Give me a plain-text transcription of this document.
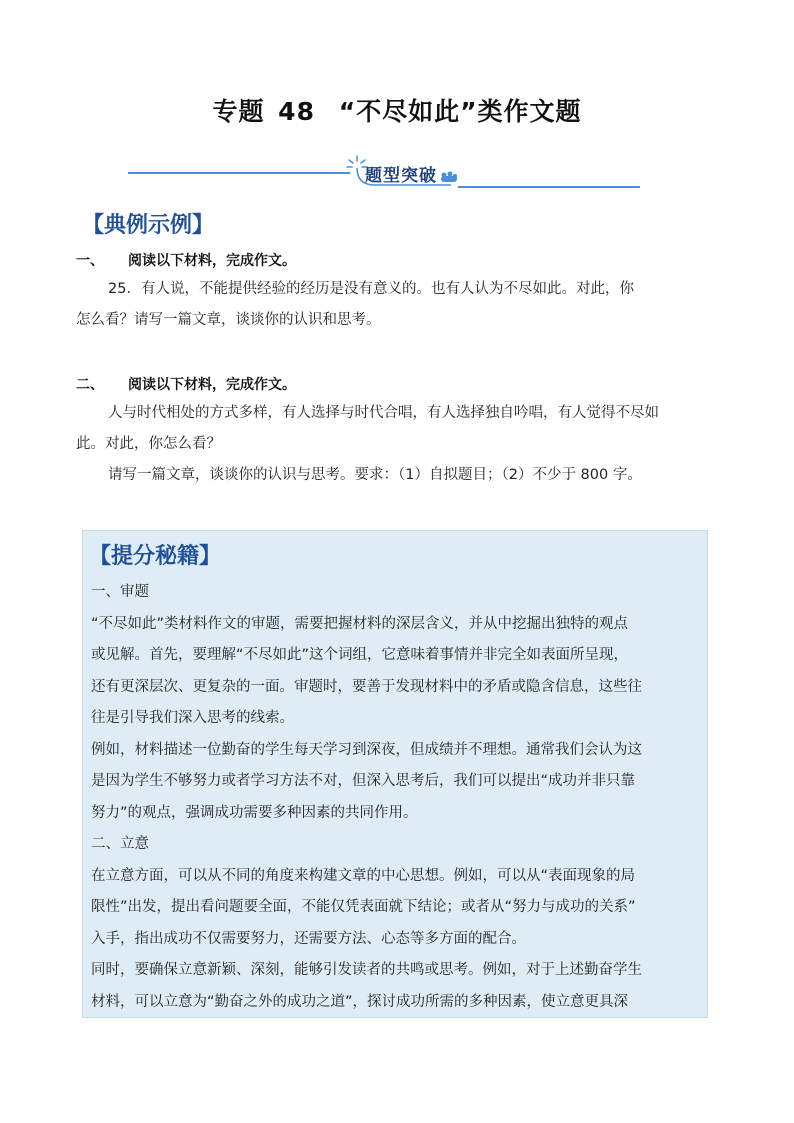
专题 48 “不尽如此”类作文题
题型突破
【典例示例】
一、 阅读以下材料，完成作文。
25．有人说，不能提供经验的经历是没有意义的。也有人认为不尽如此。对此，你
怎么看？请写一篇文章，谈谈你的认识和思考。
二、 阅读以下材料，完成作文。
人与时代相处的方式多样，有人选择与时代合唱，有人选择独自吟唱，有人觉得不尽如
此。对此，你怎么看？
请写一篇文章，谈谈你的认识与思考。要求：（1）自拟题目；（2）不少于 800 字。
【提分秘籍】
一、审题
“不尽如此”类材料作文的审题，需要把握材料的深层含义，并从中挖掘出独特的观点
或见解。首先，要理解“不尽如此”这个词组，它意味着事情并非完全如表面所呈现，
还有更深层次、更复杂的一面。审题时，要善于发现材料中的矛盾或隐含信息，这些往
往是引导我们深入思考的线索。
例如，材料描述一位勤奋的学生每天学习到深夜，但成绩并不理想。通常我们会认为这
是因为学生不够努力或者学习方法不对，但深入思考后，我们可以提出“成功并非只靠
努力”的观点，强调成功需要多种因素的共同作用。
二、立意
在立意方面，可以从不同的角度来构建文章的中心思想。例如，可以从“表面现象的局
限性”出发，提出看问题要全面，不能仅凭表面就下结论；或者从“努力与成功的关系”
入手，指出成功不仅需要努力，还需要方法、心态等多方面的配合。
同时，要确保立意新颖、深刻，能够引发读者的共鸣或思考。例如，对于上述勤奋学生
材料，可以立意为“勤奋之外的成功之道”，探讨成功所需的多种因素，使立意更具深
